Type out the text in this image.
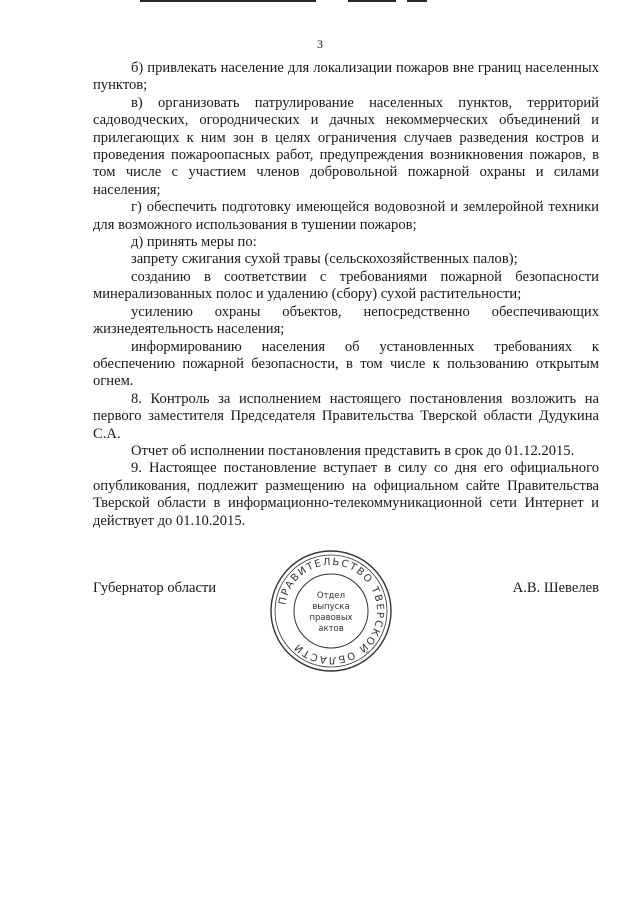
3

б) привлекать население для локализации пожаров вне границ населенных пунктов;

в) организовать патрулирование населенных пунктов, территорий садоводческих, огороднических и дачных некоммерческих объединений и прилегающих к ним зон в целях ограничения случаев разведения костров и проведения пожароопасных работ, предупреждения возникновения пожаров, в том числе с участием членов добровольной пожарной охраны и силами населения;

г) обеспечить подготовку имеющейся водовозной и землеройной техники для возможного использования в тушении пожаров;

д) принять меры по:

запрету сжигания сухой травы (сельскохозяйственных палов);

созданию в соответствии с требованиями пожарной безопасности минерализованных полос и удалению (сбору) сухой растительности;

усилению охраны объектов, непосредственно обеспечивающих жизнедеятельность населения;

информированию населения об установленных требованиях к обеспечению пожарной безопасности, в том числе к пользованию открытым огнем.

8. Контроль за исполнением настоящего постановления возложить на первого заместителя Председателя Правительства Тверской области Дудукина С.А.

Отчет об исполнении постановления представить в срок до 01.12.2015.

9. Настоящее постановление вступает в силу со дня его официального опубликования, подлежит размещению на официальном сайте Правительства Тверской области в информационно-телекоммуникационной сети Интернет и действует до 01.10.2015.

Губернатор области	А.В. Шевелев
ПРАВИТЕЛЬСТВО ТВЕРСКОЙ ОБЛАСТИ
Отдел
выпуска
правовых
актов
